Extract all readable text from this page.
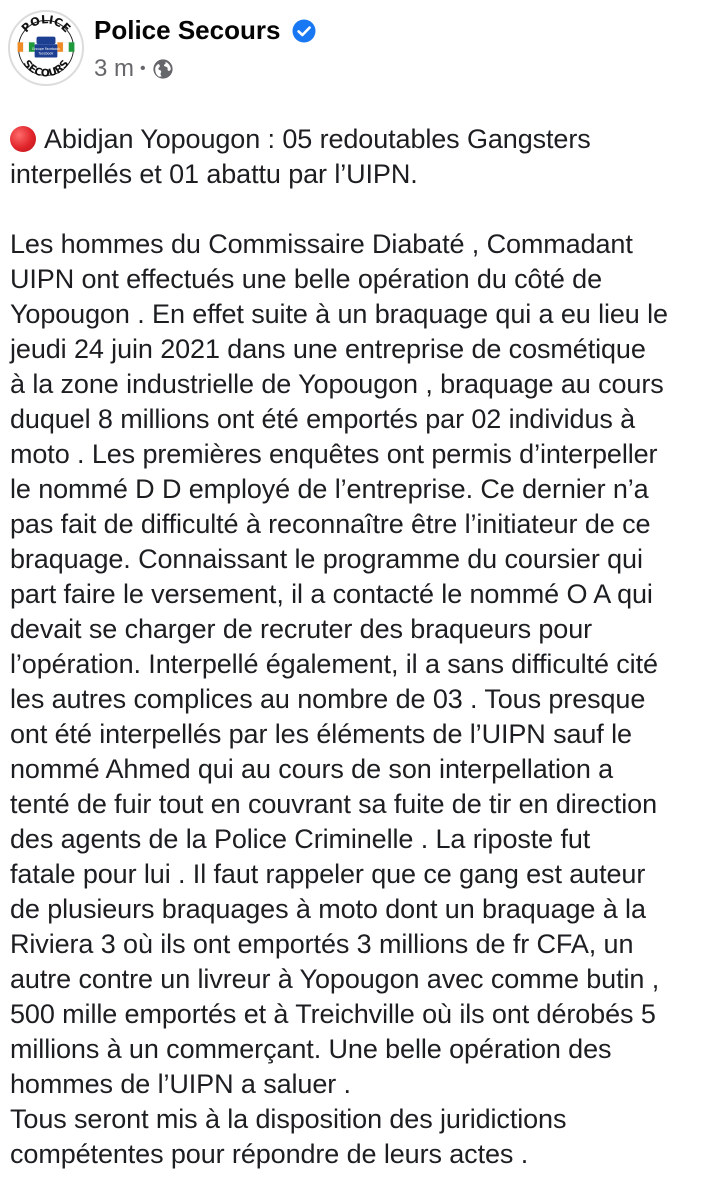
POLICE
SECOURS
Groupe Facebook
facebook
Police Secours
3 m •

Abidjan Yopougon : 05 redoutables Gangsters
interpellés et 01 abattu par l’UIPN.

Les hommes du Commissaire Diabaté , Commadant
UIPN ont effectués une belle opération du côté de
Yopougon . En effet suite à un braquage qui a eu lieu le
jeudi 24 juin 2021 dans une entreprise de cosmétique
à la zone industrielle de Yopougon , braquage au cours
duquel 8 millions ont été emportés par 02 individus à
moto . Les premières enquêtes ont permis d’interpeller
le nommé D D employé de l’entreprise. Ce dernier n’a
pas fait de difficulté à reconnaître être l’initiateur de ce
braquage. Connaissant le programme du coursier qui
part faire le versement, il a contacté le nommé O A qui
devait se charger de recruter des braqueurs pour
l’opération. Interpellé également, il a sans difficulté cité
les autres complices au nombre de 03 . Tous presque
ont été interpellés par les éléments de l’UIPN sauf le
nommé Ahmed qui au cours de son interpellation a
tenté de fuir tout en couvrant sa fuite de tir en direction
des agents de la Police Criminelle . La riposte fut
fatale pour lui . Il faut rappeler que ce gang est auteur
de plusieurs braquages à moto dont un braquage à la
Riviera 3 où ils ont emportés 3 millions de fr CFA, un
autre contre un livreur à Yopougon avec comme butin ,
500 mille emportés et à Treichville où ils ont dérobés 5
millions à un commerçant. Une belle opération des
hommes de l’UIPN a saluer .
Tous seront mis à la disposition des juridictions
compétentes pour répondre de leurs actes .
